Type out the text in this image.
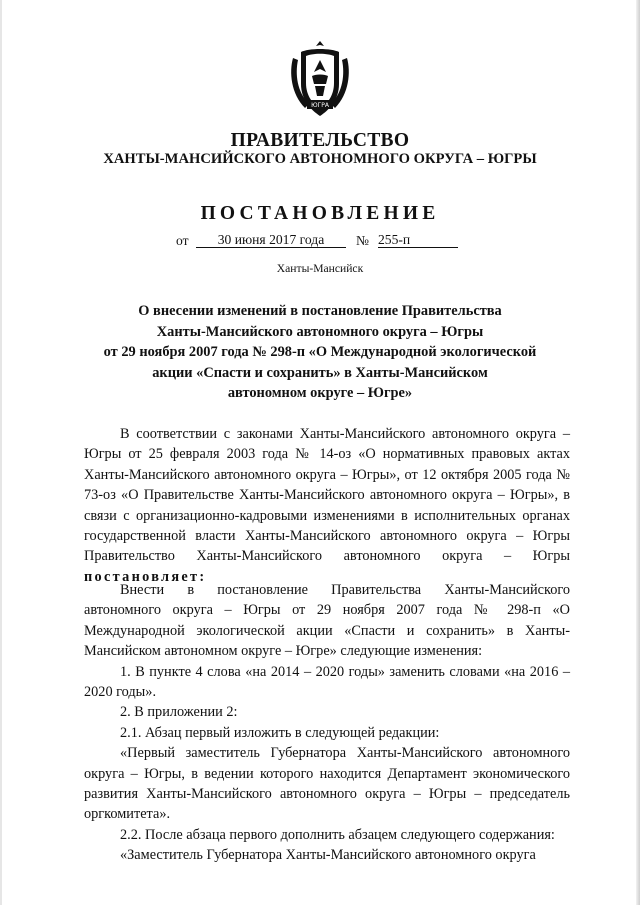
ЮГРА
ПРАВИТЕЛЬСТВО
ХАНТЫ-МАНСИЙСКОГО АВТОНОМНОГО ОКРУГА – ЮГРЫ
ПОСТАНОВЛЕНИЕ
от	30 июня 2017 года	№ 255-п
Ханты-Мансийск
О внесении изменений в постановление Правительства
Ханты-Мансийского автономного округа – Югры
от 29 ноября 2007 года № 298-п «О Международной экологической
акции «Спасти и сохранить» в Ханты-Мансийском
автономном округе – Югре»

В соответствии с законами Ханты-Мансийского автономного округа – Югры от 25 февраля 2003 года № 14-оз «О нормативных правовых актах Ханты-Мансийского автономного округа – Югры», от 12 октября 2005 года № 73-оз «О Правительстве Ханты-Мансийского автономного округа – Югры», в связи с организационно-кадровыми изменениями в исполнительных органах государственной власти Ханты-Мансийского автономного округа – Югры Правительство Ханты-Мансийского автономного округа – Югры постановляет:

Внести в постановление Правительства Ханты-Мансийского автономного округа – Югры от 29 ноября 2007 года № 298-п «О Международной экологической акции «Спасти и сохранить» в Ханты-Мансийском автономном округе – Югре» следующие изменения:

1. В пункте 4 слова «на 2014 – 2020 годы» заменить словами «на 2016 – 2020 годы».

2. В приложении 2:

2.1. Абзац первый изложить в следующей редакции:

«Первый заместитель Губернатора Ханты-Мансийского автономного округа – Югры, в ведении которого находится Департамент экономического развития Ханты-Мансийского автономного округа – Югры – председатель оргкомитета».

2.2. После абзаца первого дополнить абзацем следующего содержания:

«Заместитель Губернатора Ханты-Мансийского автономного округа
